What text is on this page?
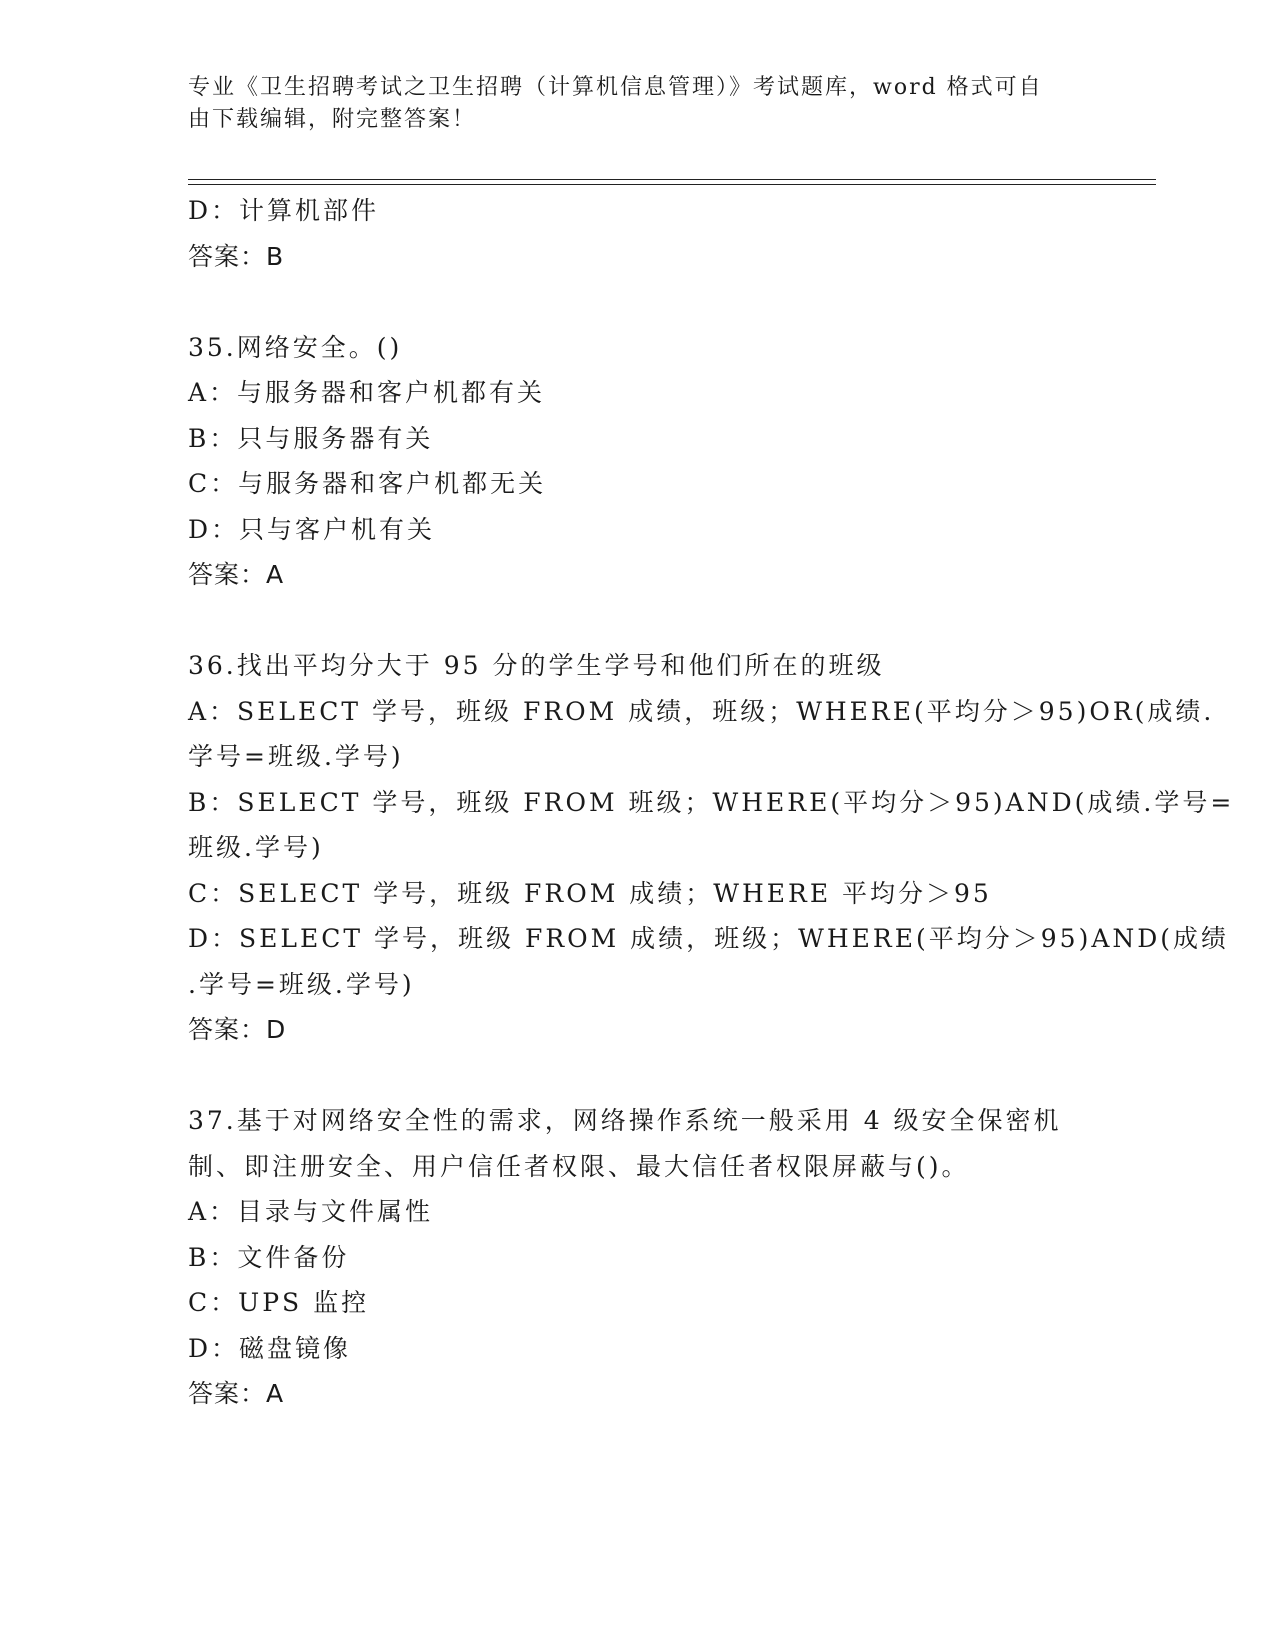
专业《卫生招聘考试之卫生招聘（计算机信息管理）》考试题库，word 格式可自
由下载编辑，附完整答案！
D：计算机部件
答案：B
35.网络安全。()
A：与服务器和客户机都有关
B：只与服务器有关
C：与服务器和客户机都无关
D：只与客户机有关
答案：A
36.找出平均分大于 95 分的学生学号和他们所在的班级
A：SELECT 学号，班级 FROM 成绩，班级；WHERE(平均分＞95)OR(成绩.
学号=班级.学号)
B：SELECT 学号，班级 FROM 班级；WHERE(平均分＞95)AND(成绩.学号=
班级.学号)
C：SELECT 学号，班级 FROM 成绩；WHERE 平均分＞95
D：SELECT 学号，班级 FROM 成绩，班级；WHERE(平均分＞95)AND(成绩
.学号=班级.学号)
答案：D
37.基于对网络安全性的需求，网络操作系统一般采用 4 级安全保密机
制、即注册安全、用户信任者权限、最大信任者权限屏蔽与()。
A：目录与文件属性
B：文件备份
C：UPS 监控
D：磁盘镜像
答案：A
